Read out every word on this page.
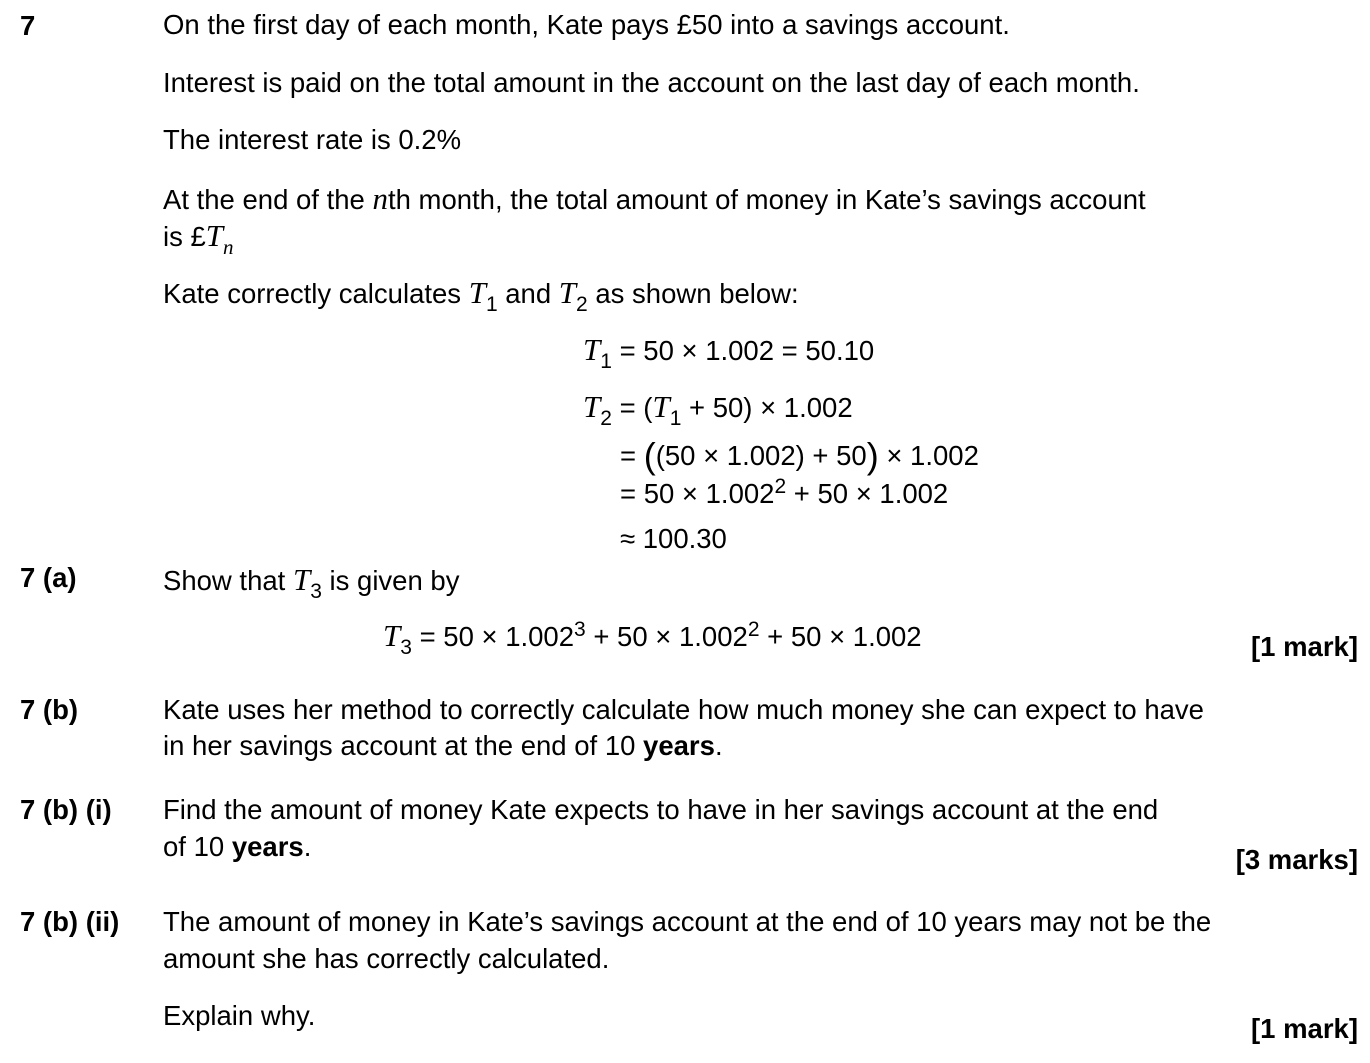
7	On the first day of each month, Kate pays £50 into a savings account.
Interest is paid on the total amount in the account on the last day of each month.
The interest rate is 0.2%
At the end of the nth month, the total amount of money in Kate’s savings account
is $£T_n$
Kate correctly calculates $T_1$ and $T_2$ as shown below:
$T_1 = 50 \times 1.002 = 50.10$
$T_2 = (T_1 + 50) \times 1.002$
= ((50 × 1.002) + 50) × 1.002
= $50 \times 1.002^2 + 50 \times 1.002$
≈ 100.30
7 (a)	Show that $T_3$ is given by
$T_3 = 50 \times 1.002^3 + 50 \times 1.002^2 + 50 \times 1.002$	[1 mark]
7 (b)	Kate uses her method to correctly calculate how much money she can expect to have
in her savings account at the end of 10 years.
7 (b) (i) Find the amount of money Kate expects to have in her savings account at the end
of 10 years.	[3 marks]
7 (b) (ii) The amount of money in Kate’s savings account at the end of 10 years may not be the
amount she has correctly calculated.
Explain why.	[1 mark]
